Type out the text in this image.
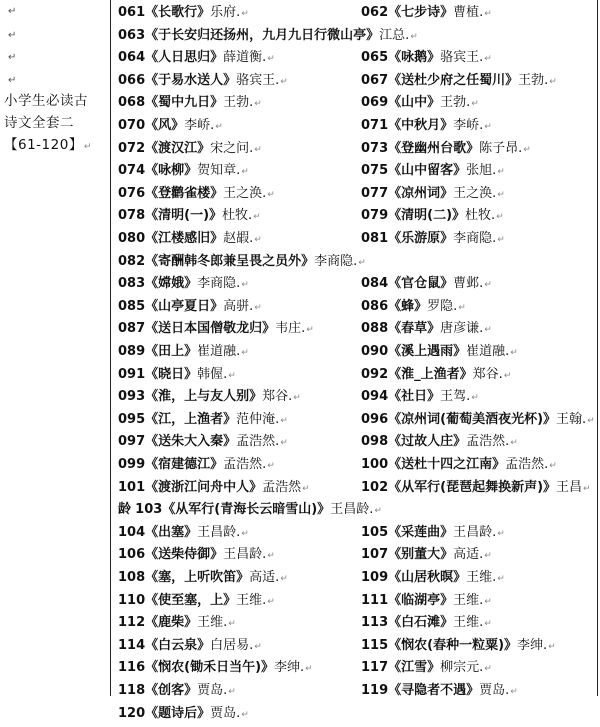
↵
↵
↵
↵
小学生必读古
诗文全套二
【61-120】↵
061《长歌行》乐府.↵	062《七步诗》曹植.↵
063《于长安归还扬州，九月九日行微山亭》江总.↵
064《人日思归》薛道衡.↵	065《咏鹅》骆宾王.↵
066《于易水送人》骆宾王.↵	067《送杜少府之任蜀川》王勃.↵
068《蜀中九日》王勃.↵	069《山中》王勃.↵
070《风》李峤.↵	071《中秋月》李峤.↵
072《渡汉江》宋之问.↵	073《登幽州台歌》陈子昂.↵
074《咏柳》贺知章.↵	075《山中留客》张旭.↵
076《登鹳雀楼》王之涣.↵	077《凉州词》王之涣.↵
078《清明(一)》杜牧.↵	079《清明(二)》杜牧.↵
080《江楼感旧》赵嘏.↵	081《乐游原》李商隐.↵
082《寄酬韩冬郎兼呈畏之员外》李商隐.↵
083《嫦娥》李商隐.↵	084《官仓鼠》曹邺.↵
085《山亭夏日》高骈.↵	086《蜂》罗隐.↵
087《送日本国僧敬龙归》韦庄.↵	088《春草》唐彦谦.↵
089《田上》崔道融.↵	090《溪上遇雨》崔道融.↵
091《晓日》韩偓.↵	092《淮_上渔者》郑谷.↵
093《淮，上与友人别》郑谷.↵	094《社日》王驾.↵
095《江，上渔者》范仲淹.↵	096《凉州词(葡萄美酒夜光杯)》王翰.↵
097《送朱大入秦》孟浩然.↵	098《过故人庄》孟浩然.↵
099《宿建德江》孟浩然.↵	100《送杜十四之江南》孟浩然.↵
101《渡浙江问舟中人》孟浩然↵	102《从军行(琵琶起舞换新声)》王昌↵
龄 103《从军行(青海长云暗雪山)》王昌龄.↵
104《出塞》王昌龄.↵	105《采莲曲》王昌龄.↵
106《送柴侍御》王昌龄.↵	107《别董大》高适.↵
108《塞，上听吹笛》高适.↵	109《山居秋暝》王维.↵
110《使至塞，上》王维.↵	111《临湖亭》王维.↵
112《鹿柴》王维.↵	113《白石滩》王维.↵
114《白云泉》白居易.↵	115《悯农(春种一粒粟)》李绅.↵
116《悯农(锄禾日当午)》李绅.↵	117《江雪》柳宗元.↵
118《创客》贾岛.↵	119《寻隐者不遇》贾岛.↵
120《题诗后》贾岛.↵
